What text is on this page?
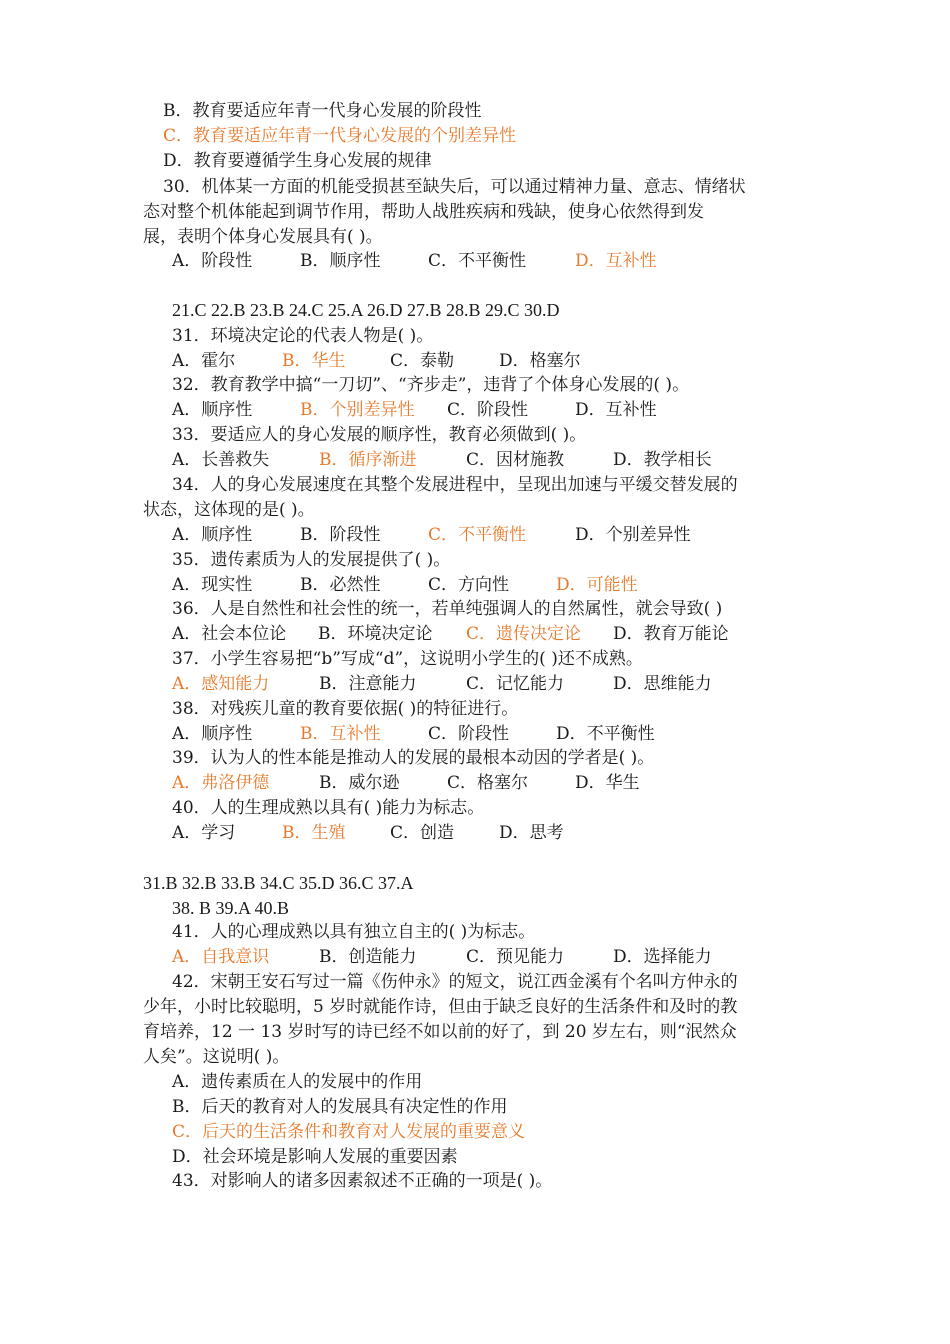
B．教育要适应年青一代身心发展的阶段性
C．教育要适应年青一代身心发展的个别差异性
D．教育要遵循学生身心发展的规律
30．机体某一方面的机能受损甚至缺失后，可以通过精神力量、意志、情绪状
态对整个机体能起到调节作用，帮助人战胜疾病和残缺，使身心依然得到发
展，表明个体身心发展具有( )。
A．阶段性	B．顺序性	C．不平衡性	D．互补性
21.C 22.B 23.B 24.C 25.A 26.D 27.B 28.B 29.C 30.D
31．环境决定论的代表人物是( )。
A．霍尔	B．华生	C．泰勒	D．格塞尔
32．教育教学中搞“一刀切”、“齐步走”，违背了个体身心发展的( )。
A．顺序性	B．个别差异性 C．阶段性	D．互补性
33．要适应人的身心发展的顺序性，教育必须做到( )。
A．长善救失	B．循序渐进	C．因材施教	D．教学相长
34．人的身心发展速度在其整个发展进程中，呈现出加速与平缓交替发展的
状态，这体现的是( )。
A．顺序性	B．阶段性	C．不平衡性	D．个别差异性
35．遗传素质为人的发展提供了( )。
A．现实性	B．必然性	C．方向性	D．可能性
36．人是自然性和社会性的统一，若单纯强调人的自然属性，就会导致( )
A．社会本位论 B．环境决定论 C．遗传决定论 D．教育万能论
37．小学生容易把“b”写成“d”，这说明小学生的( )还不成熟。
A．感知能力	B．注意能力	C．记忆能力	D．思维能力
38．对残疾儿童的教育要依据( )的特征进行。
A．顺序性	B．互补性	C．阶段性	D．不平衡性
39．认为人的性本能是推动人的发展的最根本动因的学者是( )。
A．弗洛伊德	B．威尔逊	C．格塞尔	D．华生
40．人的生理成熟以具有( )能力为标志。
A．学习	B．生殖	C．创造	D．思考
31.B 32.B 33.B 34.C 35.D 36.C 37.A
38. B 39.A 40.B
41．人的心理成熟以具有独立自主的( )为标志。
A．自我意识	B．创造能力	C．预见能力	D．选择能力
42．宋朝王安石写过一篇《伤仲永》的短文，说江西金溪有个名叫方仲永的
少年，小时比较聪明，5 岁时就能作诗，但由于缺乏良好的生活条件和及时的教
育培养，12 一 13 岁时写的诗已经不如以前的好了，到 20 岁左右，则“泯然众
人矣”。这说明( )。
A．遗传素质在人的发展中的作用
B．后天的教育对人的发展具有决定性的作用
C．后天的生活条件和教育对人发展的重要意义
D．社会环境是影响人发展的重要因素
43．对影响人的诸多因素叙述不正确的一项是( )。
